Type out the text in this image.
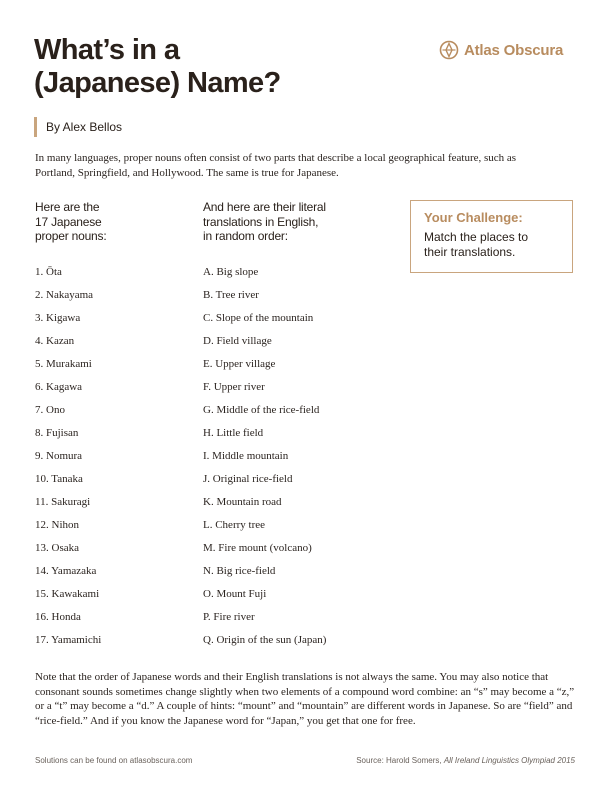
What’s in a
(Japanese) Name?
Atlas Obscura
By Alex Bellos

In many languages, proper nouns often consist of two parts that describe a local geographical feature, such as Portland, Springfield, and Hollywood. The same is true for Japanese.

Here are the
17 Japanese
proper nouns:
And here are their literal
translations in English,
in random order:
Your Challenge:
Match the places to
their translations.
1. Ōta
2. Nakayama
3. Kigawa
4. Kazan
5. Murakami
6. Kagawa
7. Ono
8. Fujisan
9. Nomura
10. Tanaka
11. Sakuragi
12. Nihon
13. Osaka
14. Yamazaka
15. Kawakami
16. Honda
17. Yamamichi
A. Big slope
B. Tree river
C. Slope of the mountain
D. Field village
E. Upper village
F. Upper river
G. Middle of the rice-field
H. Little field
I. Middle mountain
J. Original rice-field
K. Mountain road
L. Cherry tree
M. Fire mount (volcano)
N. Big rice-field
O. Mount Fuji
P. Fire river
Q. Origin of the sun (Japan)

Note that the order of Japanese words and their English translations is not always the same. You may also notice that consonant sounds sometimes change slightly when two elements of a compound word combine: an “s” may become a “z,” or a “t” may become a “d.” A couple of hints: “mount” and “mountain” are different words in Japanese. So are “field” and “rice-field.” And if you know the Japanese word for “Japan,” you get that one for free.

Solutions can be found on atlasobscura.com	Source: Harold Somers, All Ireland Linguistics Olympiad 2015
